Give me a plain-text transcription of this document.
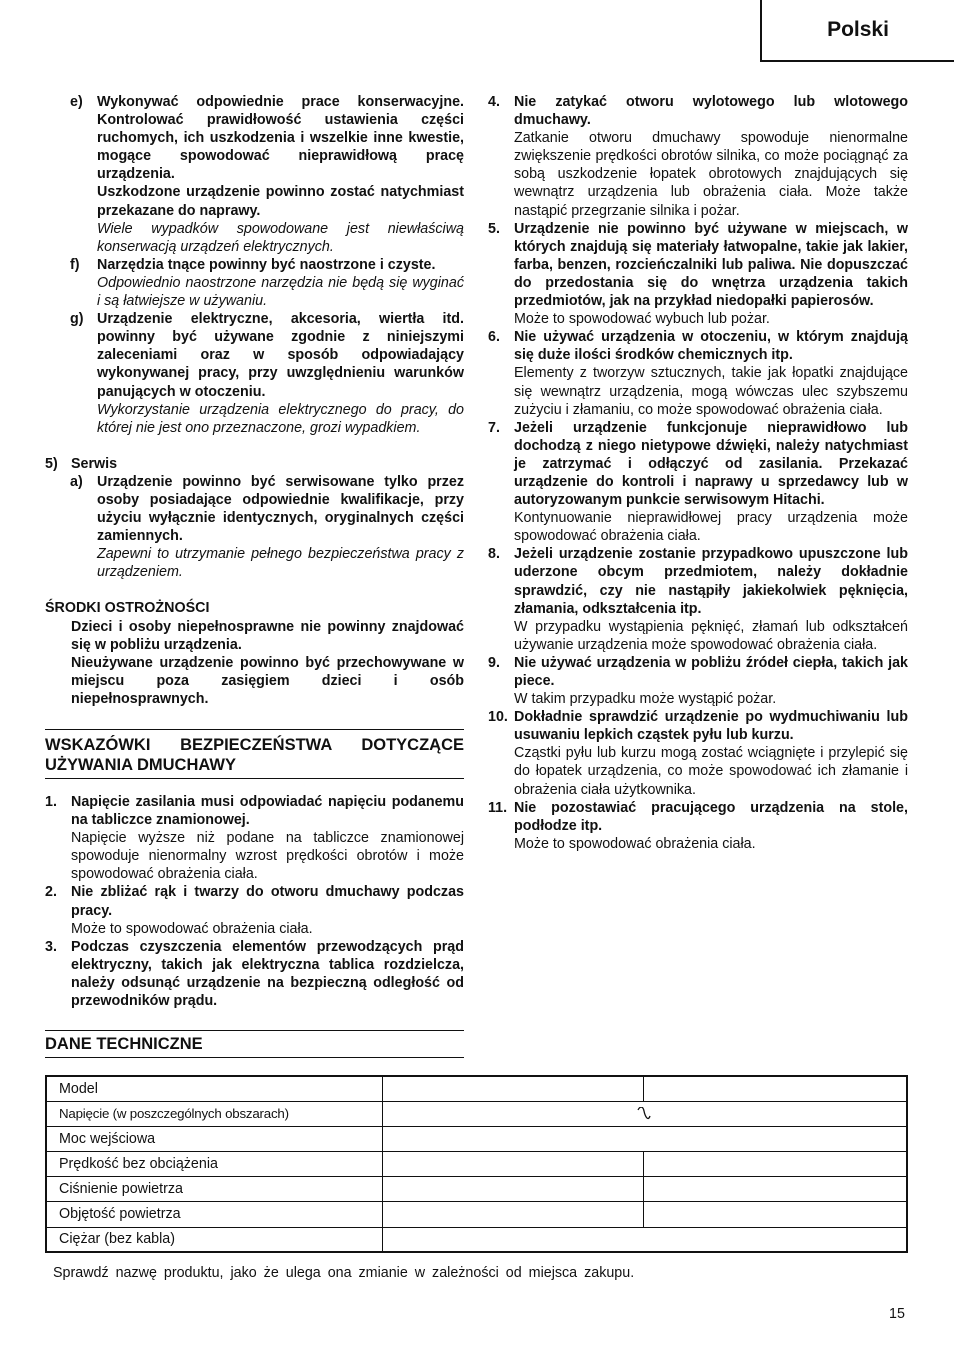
Polski
e) Wykonywać odpowiednie prace konserwacyjne. Kontrolować prawidłowość ustawienia części ruchomych, ich uszkodzenia i wszelkie inne kwestie, mogące spowodować nieprawidłową pracę urządzenia.

Uszkodzone urządzenie powinno zostać natychmiast przekazane do naprawy.

Wiele wypadków spowodowane jest niewłaściwą konserwacją urządzeń elektrycznych.

f)	Narzędzia tnące powinny być naostrzone i czyste.

Odpowiednio naostrzone narzędzia nie będą się wyginać i są łatwiejsze w używaniu.

g) Urządzenie elektryczne, akcesoria, wiertła itd. powinny być używane zgodnie z niniejszymi zaleceniami oraz w sposób odpowiadający wykonywanej pracy, przy uwzględnieniu warunków panujących w otoczeniu.

Wykorzystanie urządzenia elektrycznego do pracy, do której nie jest ono przeznaczone, grozi wypadkiem.

5) Serwis
a) Urządzenie powinno być serwisowane tylko przez osoby posiadające odpowiednie kwalifikacje, przy użyciu wyłącznie identycznych, oryginalnych części zamiennych.

Zapewni to utrzymanie pełnego bezpieczeństwa pracy z urządzeniem.

ŚRODKI OSTROŻNOŚCI

Dzieci i osoby niepełnosprawne nie powinny znajdować się w pobliżu urządzenia.

Nieużywane urządzenie powinno być przechowywane w miejscu poza zasięgiem dzieci i osób niepełnosprawnych.

WSKAZÓWKI BEZPIECZEŃSTWA DOTYCZĄCE UŻYWANIA DMUCHAWY
1. Napięcie zasilania musi odpowiadać napięciu podanemu na tabliczce znamionowej.

Napięcie wyższe niż podane na tabliczce znamionowej spowoduje nienormalny wzrost prędkości obrotów i może spowodować obrażenia ciała.

2. Nie zbliżać rąk i twarzy do otworu dmuchawy podczas pracy.

Może to spowodować obrażenia ciała.

3. Podczas czyszczenia elementów przewodzących prąd elektryczny, takich jak elektryczna tablica rozdzielcza, należy odsunąć urządzenie na bezpieczną odległość od przewodników prądu.

DANE TECHNICZNE
4. Nie zatykać otworu wylotowego lub wlotowego dmuchawy.

Zatkanie otworu dmuchawy spowoduje nienormalne zwiększenie prędkości obrotów silnika, co może pociągnąć za sobą uszkodzenie łopatek obrotowych znajdujących się wewnątrz urządzenia lub obrażenia ciała. Może także nastąpić przegrzanie silnika i pożar.

5. Urządzenie nie powinno być używane w miejscach, w których znajdują się materiały łatwopalne, takie jak lakier, farba, benzen, rozcieńczalniki lub paliwa. Nie dopuszczać do przedostania się do wnętrza urządzenia takich przedmiotów, jak na przykład niedopałki papierosów.

Może to spowodować wybuch lub pożar.

6. Nie używać urządzenia w otoczeniu, w którym znajdują się duże ilości środków chemicznych itp.

Elementy z tworzyw sztucznych, takie jak łopatki znajdujące się wewnątrz urządzenia, mogą wówczas ulec szybszemu zużyciu i złamaniu, co może spowodować obrażenia ciała.

7. Jeżeli urządzenie funkcjonuje nieprawidłowo lub dochodzą z niego nietypowe dźwięki, należy natychmiast je zatrzymać i odłączyć od zasilania. Przekazać urządzenie do kontroli i naprawy u sprzedawcy lub w autoryzowanym punkcie serwisowym Hitachi.

Kontynuowanie nieprawidłowej pracy urządzenia może spowodować obrażenia ciała.

8. Jeżeli urządzenie zostanie przypadkowo upuszczone lub uderzone obcym przedmiotem, należy dokładnie sprawdzić, czy nie nastąpiły jakiekolwiek pęknięcia, złamania, odkształcenia itp.

W przypadku wystąpienia pęknięć, złamań lub odkształceń używanie urządzenia może spowodować obrażenia ciała.

9. Nie używać urządzenia w pobliżu źródeł ciepła, takich jak piece.

W takim przypadku może wystąpić pożar.

10. Dokładnie sprawdzić urządzenie po wydmuchiwaniu lub usuwaniu lepkich cząstek pyłu lub kurzu.

Cząstki pyłu lub kurzu mogą zostać wciągnięte i przylepić się do łopatek urządzenia, co może spowodować ich złamanie i obrażenia ciała użytkownika.

11. Nie pozostawiać pracującego urządzenia na stole, podłodze itp.

Może to spowodować obrażenia ciała.

Model		
Napięcie (w poszczególnych obszarach)	

Moc wejściowa		
Prędkość bez obciążenia		
Ciśnienie powietrza		
Objętość powietrza		
Ciężar (bez kabla)		
Sprawdź nazwę produktu, jako że ulega ona zmianie w zależności od miejsca zakupu.
15
